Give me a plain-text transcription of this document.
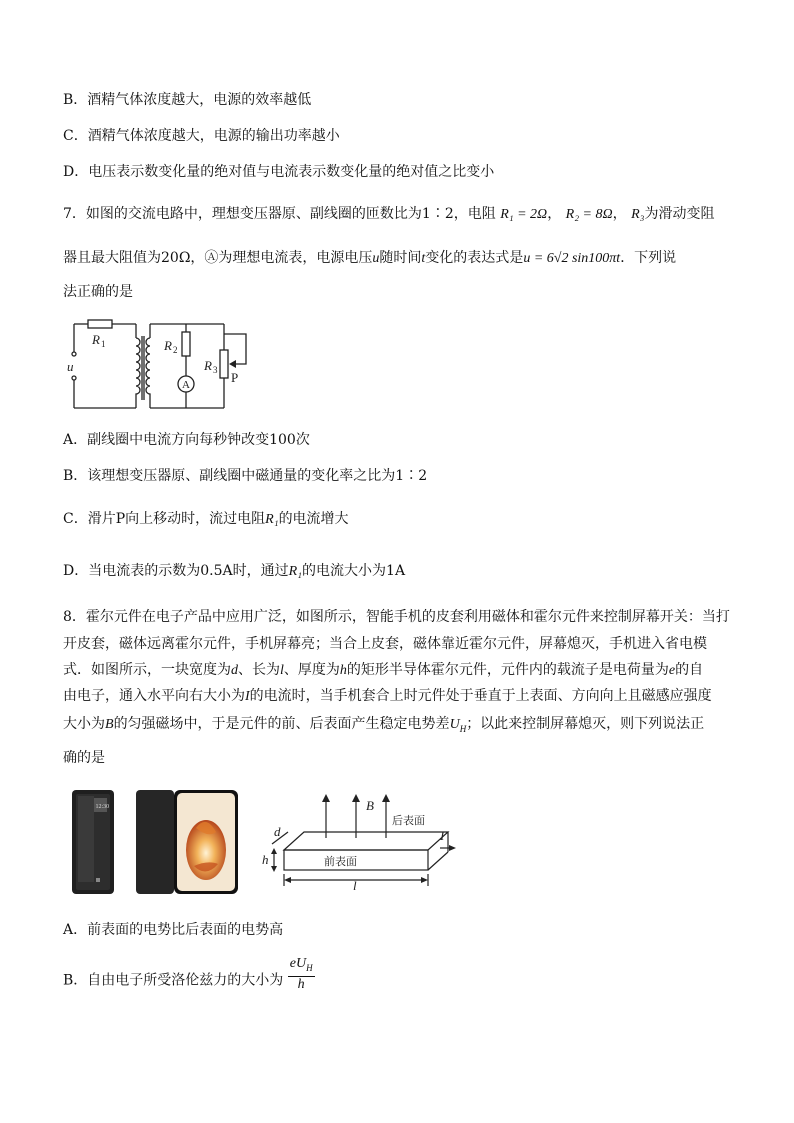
B．酒精气体浓度越大，电源的效率越低
C．酒精气体浓度越大，电源的输出功率越小
D．电压表示数变化量的绝对值与电流表示数变化量的绝对值之比变小
7．如图的交流电路中，理想变压器原、副线圈的匝数比为1∶2，电阻 R₁ = 2Ω， R₂ = 8Ω， R₃为滑动变阻
器且最大阻值为20Ω，Ⓐ为理想电流表，电源电压u随时间t变化的表达式是u = 6√2 sin100πt．下列说
法正确的是
R 1
u
R 2
R 3
A	P
A．副线圈中电流方向每秒钟改变100次
B．该理想变压器原、副线圈中磁通量的变化率之比为1∶2
C．滑片P向上移动时，流过电阻R₁的电流增大
D．当电流表的示数为0.5A时，通过R₁的电流大小为1A
8．霍尔元件在电子产品中应用广泛，如图所示，智能手机的皮套利用磁体和霍尔元件来控制屏幕开关：当打
开皮套，磁体远离霍尔元件，手机屏幕亮；当合上皮套，磁体靠近霍尔元件，屏幕熄灭，手机进入省电模
式．如图所示，一块宽度为d、长为l、厚度为h的矩形半导体霍尔元件，元件内的载流子是电荷量为e的自
由电子，通入水平向右大小为I的电流时，当手机套合上时元件处于垂直于上表面、方向向上且磁感应强度
大小为B的匀强磁场中，于是元件的前、后表面产生稳定电势差$U_H$；以此来控制屏幕熄灭，则下列说法正
确的是
12:30	B
后表面
前表面
I
d
h
l
A．前表面的电势比后表面的电势高
B．自由电子所受洛伦兹力的大小为
$eU_H$
h
